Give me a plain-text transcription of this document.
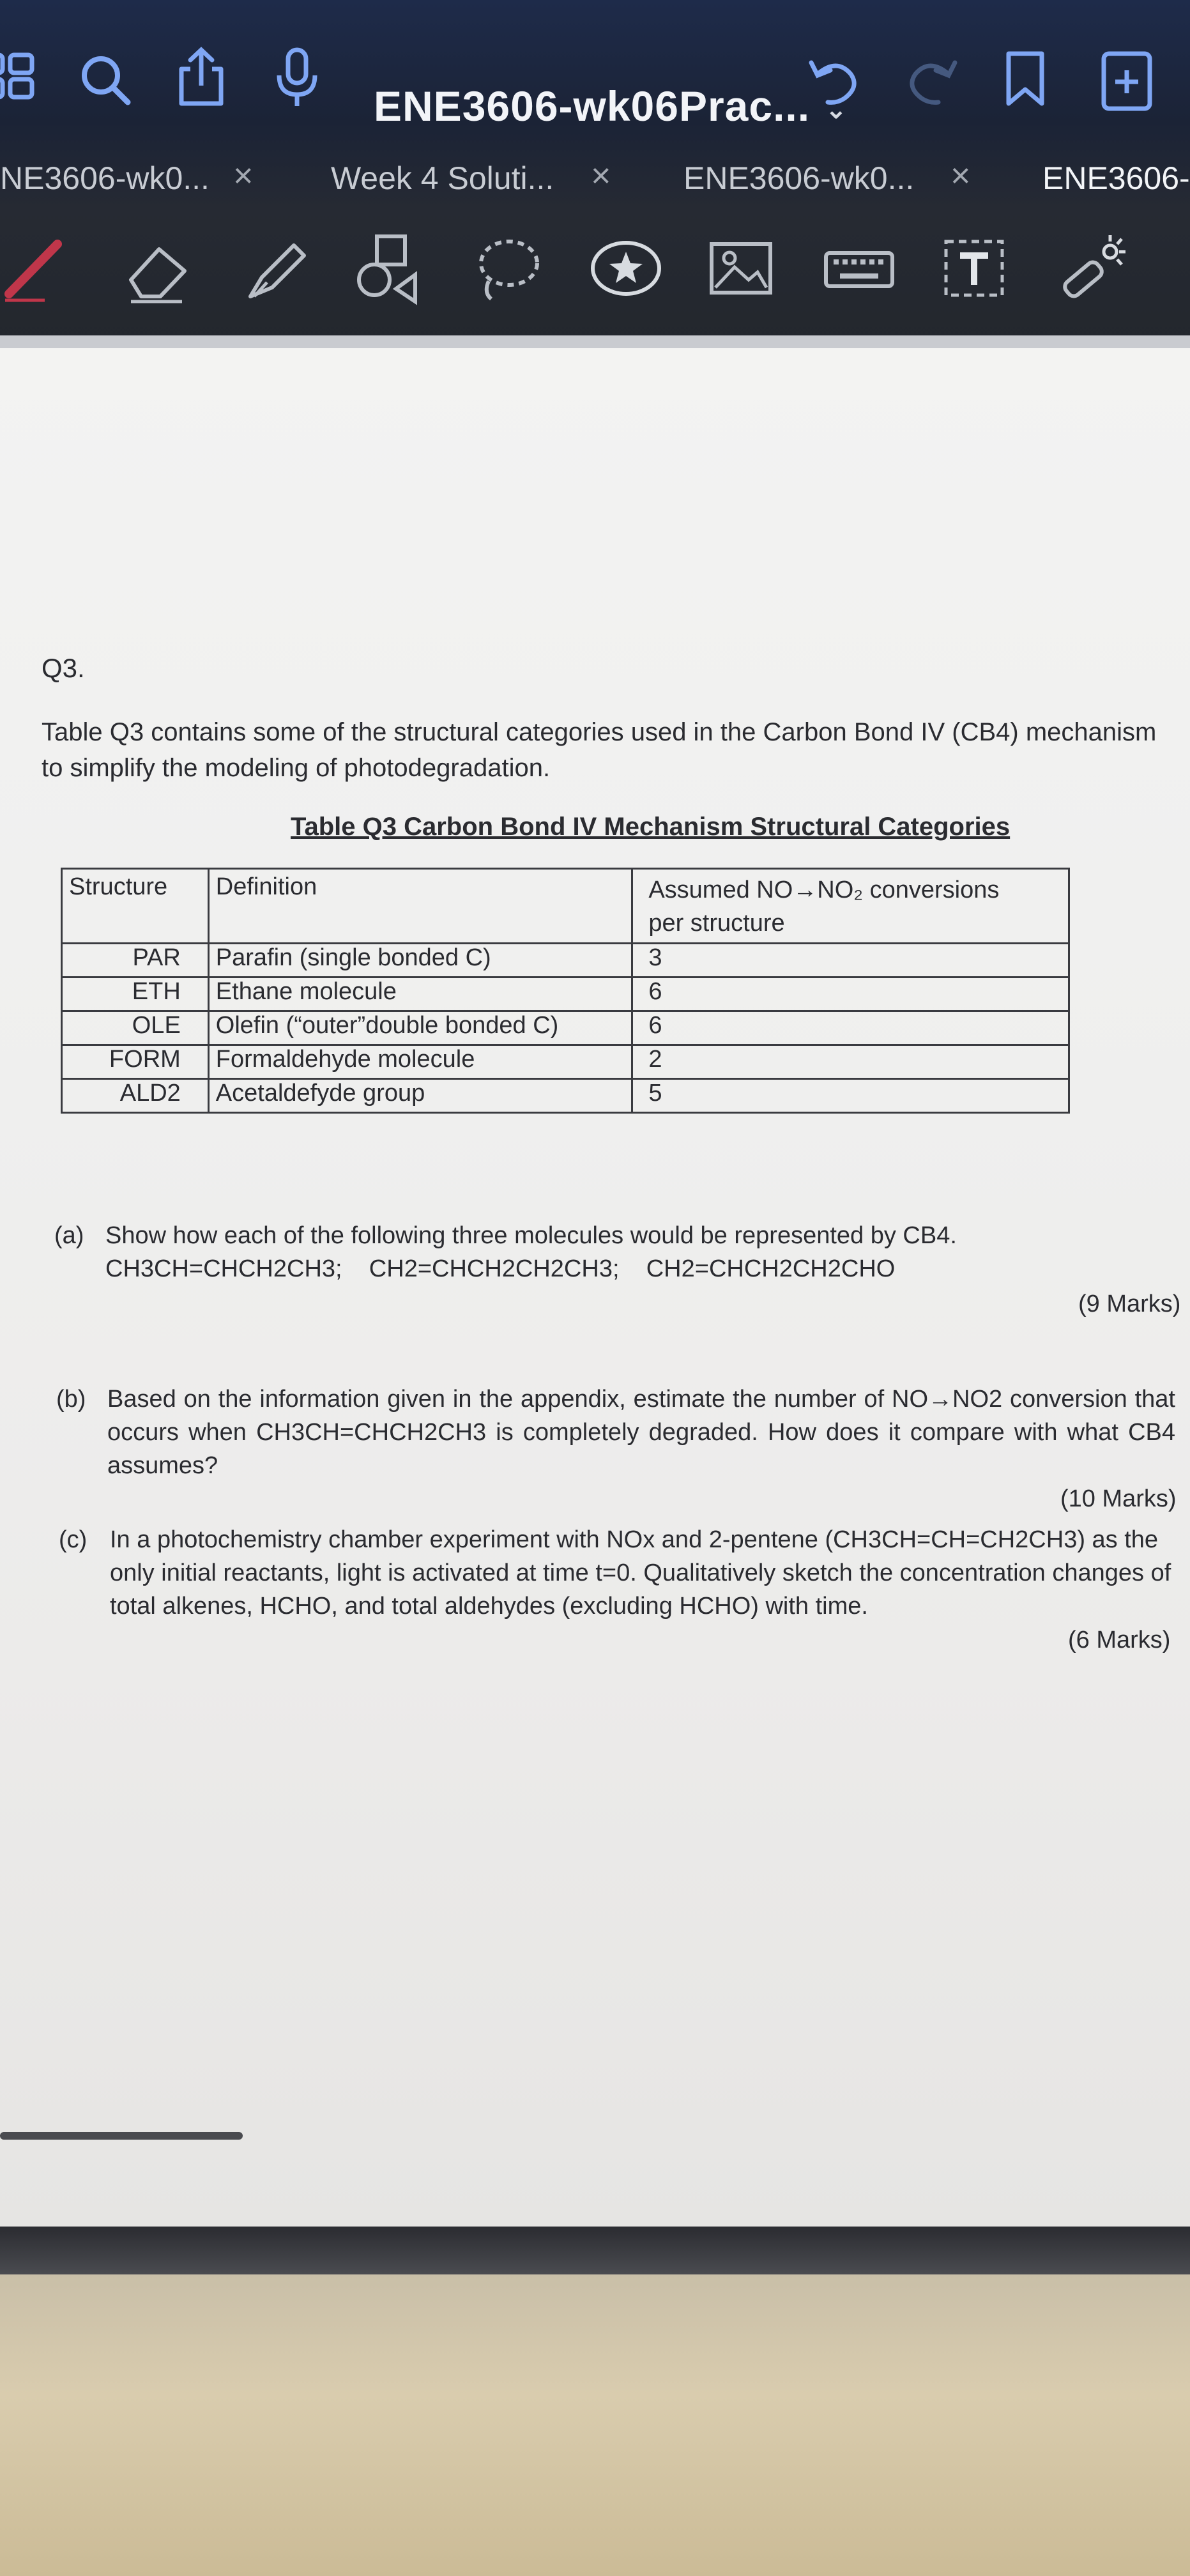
ENE3606-wk06Prac... ⌄
NE3606-wk0... × Week 4 Soluti... × ENE3606-wk0... × ENE3606-
Q3.
Table Q3 contains some of the structural categories used in the Carbon Bond IV (CB4) mechanism to simplify the modeling of photodegradation.
Table Q3 Carbon Bond IV Mechanism Structural Categories
Structure	Definition	Assumed NO→NO₂ conversions per structure
PAR	Parafin (single bonded C)	3
ETH	Ethane molecule	6
OLE	Olefin (“outer”double bonded C)	6
FORM	Formaldehyde molecule	2
ALD2	Acetaldefyde group	5
(a) Show how each of the following three molecules would be represented by CB4.
CH3CH=CHCH2CH3;    CH2=CHCH2CH2CH3;    CH2=CHCH2CH2CHO
(9 Marks)
(b) Based on the information given in the appendix, estimate the number of NO→NO2 conversion that occurs when CH3CH=CHCH2CH3 is completely degraded. How does it compare with what CB4 assumes?
(10 Marks)
(c) In a photochemistry chamber experiment with NOx and 2-pentene (CH3CH=CH=CH2CH3) as the only initial reactants, light is activated at time t=0. Qualitatively sketch the concentration changes of total alkenes, HCHO, and total aldehydes (excluding HCHO) with time.
(6 Marks)
